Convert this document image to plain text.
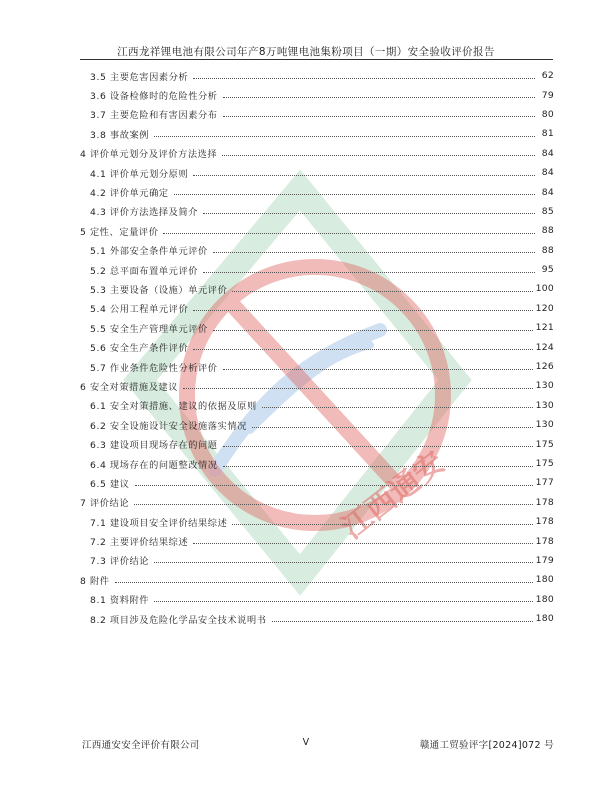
江西通安
江西龙祥锂电池有限公司年产8万吨锂电池集粉项目（一期）安全验收评价报告
3.5 主要危害因素分析	62
3.6 设备检修时的危险性分析	79
3.7 主要危险和有害因素分布	80
3.8 事故案例	81
4 评价单元划分及评价方法选择	84
4.1 评价单元划分原则	84
4.2 评价单元确定	84
4.3 评价方法选择及简介	85
5 定性、定量评价	88
5.1 外部安全条件单元评价	88
5.2 总平面布置单元评价	95
5.3 主要设备（设施）单元评价	100
5.4 公用工程单元评价	120
5.5 安全生产管理单元评价	121
5.6 安全生产条件评价	124
5.7 作业条件危险性分析评价	126
6 安全对策措施及建议	130
6.1 安全对策措施、建议的依据及原则	130
6.2 安全设施设计安全设施落实情况	130
6.3 建设项目现场存在的问题	175
6.4 现场存在的问题整改情况	175
6.5 建议	177
7 评价结论	178
7.1 建设项目安全评价结果综述	178
7.2 主要评价结果综述	178
7.3 评价结论	179
8 附件	180
8.1 资料附件	180
8.2 项目涉及危险化学品安全技术说明书	180
江西通安安全评价有限公司	V	赣通工贸验评字[2024]072 号
